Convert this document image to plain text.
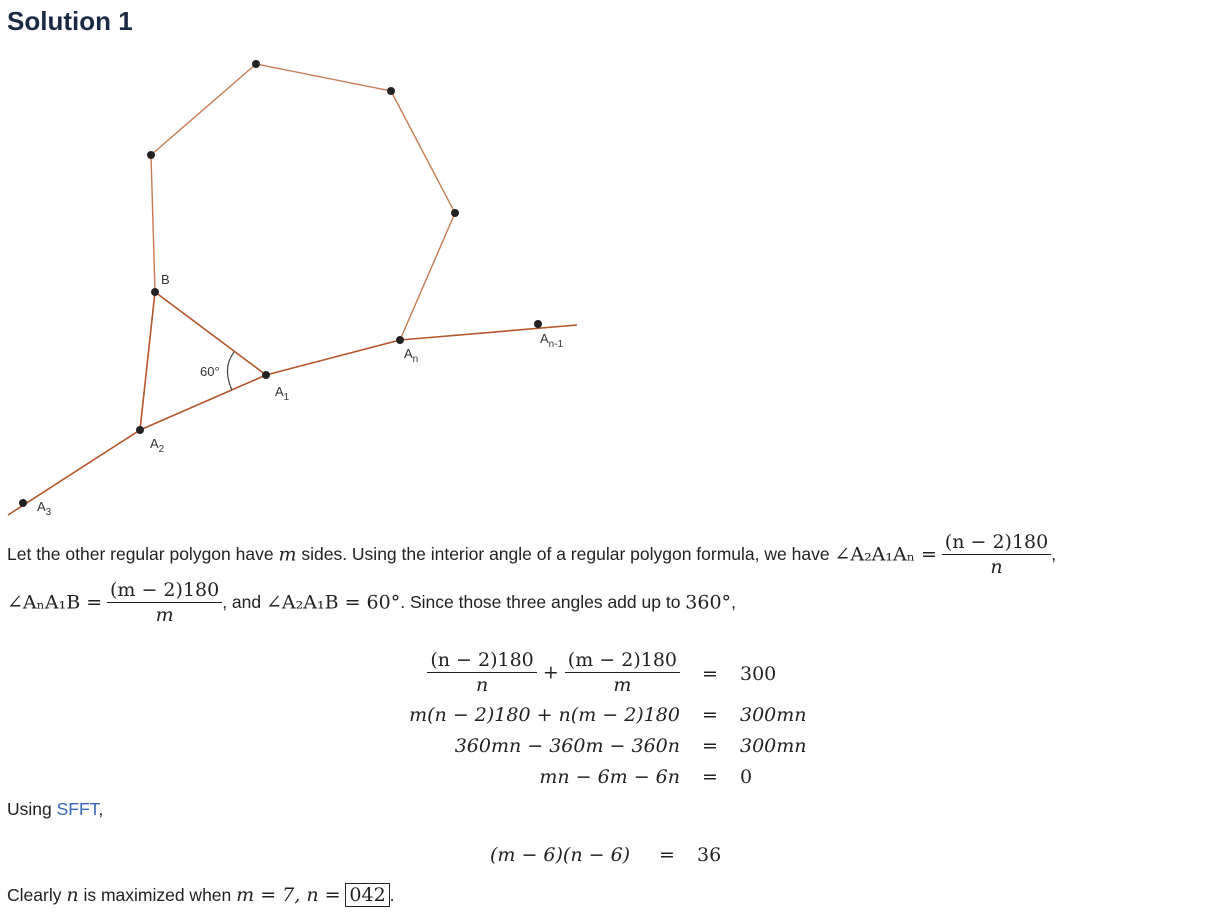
Solution 1
B
60°
$A_1$
$A_2$
$A_3$
$A_n$
$A_{n-1}$
Let the other regular polygon have m sides. Using the interior angle of a regular polygon formula, we have ∠A₂A₁Aₙ = $\frac{(n - 2)180}{n}$ ,
∠AₙA₁B = $\frac{(m - 2)180}{m}$ , and ∠A₂A₁B = 60°. Since those three angles add up to 360°,
$\frac{(n - 2)180}{n} + \frac{(m - 2)180}{m} = 300$
m(n − 2)180 + n(m − 2)180 = 300mn
360mn − 360m − 360n = 300mn
mn − 6m − 6n = 0
Using SFFT,
(m − 6)(n − 6) = 36
Clearly n is maximized when m = 7, n = 042 .
